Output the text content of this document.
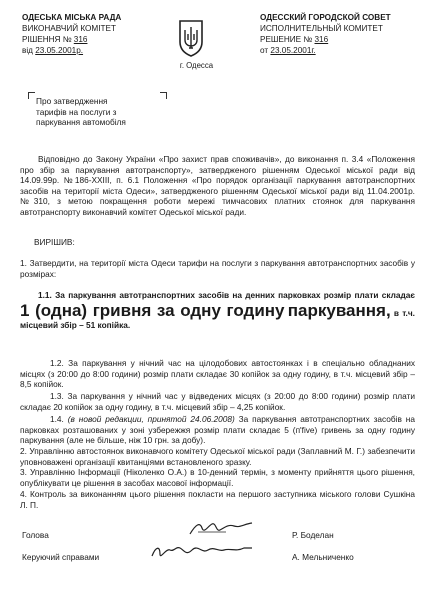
ОДЕСЬКА МІСЬКА РАДА
ВИКОНАВЧИЙ КОМІТЕТ
РІШЕННЯ № 316
від 23.05.2001р.
г. Одесса
ОДЕССКИЙ ГОРОДСКОЙ СОВЕТ
ИСПОЛНИТЕЛЬНЫЙ КОМИТЕТ
РЕШЕНИЕ № 316
от 23.05.2001г.
Про затвердження
тарифів на послуги з
паркування автомобіля
Відповідно до Закону України «Про захист прав споживачів», до виконання п. 3.4 «Положення про збір за паркування автотранспорту», затвердженого рішенням Одеської міської ради від 14.09.99р. №186-XXIII, п. 6.1 Положення «Про порядок організації паркування автотранспортних засобів на території міста Одеси», затвердженого рішенням Одеської міської ради від 11.04.2001р. №310, з метою покращення роботи мережі тимчасових платних стоянок для паркування автотранспорту виконавчий комітет Одеської міської ради.
ВИРІШИВ:
1. Затвердити, на території міста Одеси тарифи на послуги з паркування автотранспортних засобів у розмірах:
1.1. За паркування автотранспортних засобів на денних парковках розмір плати складає 1 (одна) гривня за одну годину паркування, в т.ч. місцевий збір – 51 копійка.
1.2. За паркування у нічний час на цілодобових автостоянках і в спеціально обладнаних місцях (з 20:00 до 8:00 години) розмір плати складає 30 копійок за одну годину, в т.ч. місцевий збір – 8,5 копійок.
1.3. За паркування у нічний час у відведених місцях (з 20:00 до 8:00 години) розмір плати складає 20 копійок за одну годину, в т.ч. місцевий збір – 4,25 копійок.
1.4. (в новой редакции, принятой 24.06.2008) За паркування автотранспортних засобів на парковках розташованих у зоні узбережжя розмір плати складає 5 (п'five) гривень за одну годину паркування (але не більше, ніж 10 грн. за добу).
2. Управлінню автостоянок виконавчого комітету Одеської міської ради (Заплавний М. Г.) забезпечити уповноважені організації квитанціями встановленого зразку.
3. Управлінню Інформації (Ніколенко О.А.) в 10-денний термін, з моменту прийняття цього рішення, опублікувати це рішення в засобах масової інформації.
4. Контроль за виконанням цього рішення покласти на першого заступника міського голови Сушкіна Л. П.
Голова	Р. Боделан
Керуючий справами	А. Мельниченко
